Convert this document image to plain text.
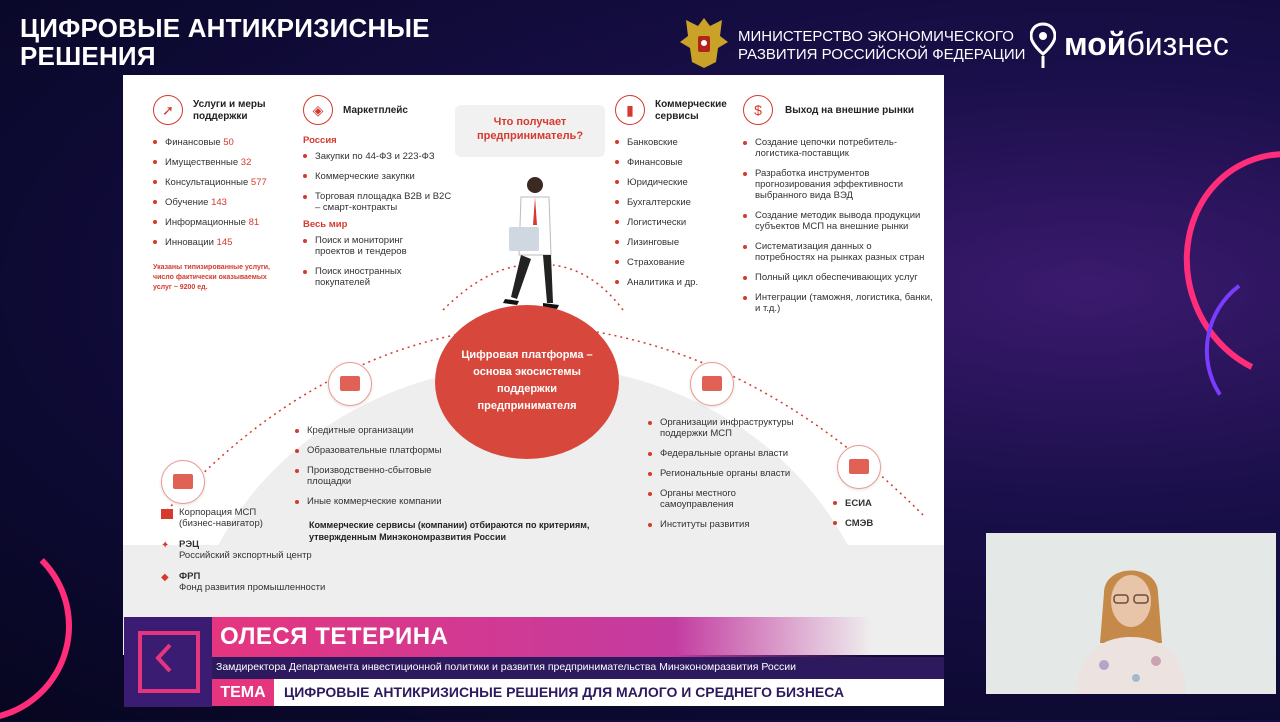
ЦИФРОВЫЕ АНТИКРИЗИСНЫЕ
РЕШЕНИЯ
МИНИСТЕРСТВО ЭКОНОМИЧЕСКОГО
РАЗВИТИЯ РОССИЙСКОЙ ФЕДЕРАЦИИ мойбизнес
➚	Услуги и меры поддержки
Финансовые 50
Имущественные 32
Консультационные 577
Обучение 143
Информационные 81
Инновации 145
Указаны типизированные услуги, число фактически оказываемых услуг ~ 9200 ед.
◈	Маркетплейс
Россия
Закупки по 44-ФЗ и 223-ФЗ
Коммерческие закупки
Торговая площадка B2B и B2C – смарт-контракты
Весь мир
Поиск и мониторинг проектов и тендеров
Поиск иностранных покупателей
Что получает предприниматель?
Цифровая платформа – основа экосистемы поддержки предпринимателя
▮	Коммерческие сервисы
Банковские
Финансовые
Юридические
Бухгалтерские
Логистически
Лизинговые
Страхование
Аналитика и др.
$	Выход на внешние рынки
Создание цепочки потребитель-логистика-поставщик
Разработка инструментов прогнозирования эффективности выбранного вида ВЭД
Создание методик вывода продукции субъектов МСП на внешние рынки
Систематизация данных о потребностях на рынках разных стран
Полный цикл обеспечивающих услуг
Интеграции (таможня, логистика, банки, и т.д.)
Кредитные организации
Образовательные платформы
Производственно-сбытовые площадки
Иные коммерческие компании
Коммерческие сервисы (компании) отбираются по критериям, утвержденным Минэкономразвития России
Организации инфраструктуры поддержки МСП
Федеральные органы власти
Региональные органы власти
Органы местного самоуправления
Институты развития
ЕСИА
СМЭВ
Корпорация МСП
(бизнес-навигатор)
✦	РЭЦ
Российский экспортный центр
◆	ФРП
Фонд развития промышленности
ОЛЕСЯ ТЕТЕРИНА
Замдиректора Департамента инвестиционной политики и развития предпринимательства Минэкономразвития России
ТЕМА	ЦИФРОВЫЕ АНТИКРИЗИСНЫЕ РЕШЕНИЯ ДЛЯ МАЛОГО И СРЕДНЕГО БИЗНЕСА
